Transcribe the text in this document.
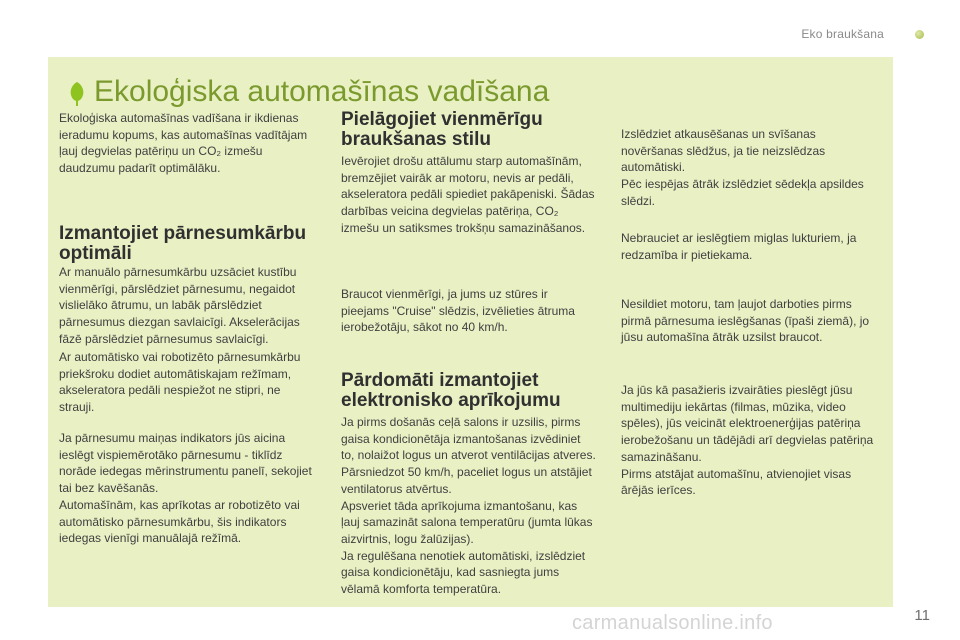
Eko braukšana
Ekoloģiska automašīnas vadīšana

Ekoloģiska automašīnas vadīšana ir ikdienas
ieradumu kopums, kas automašīnas vadītājam
ļauj degvielas patēriņu un CO₂ izmešu
daudzumu padarīt optimālāku.

Izmantojiet pārnesumkārbu
optimāli

Ar manuālo pārnesumkārbu uzsāciet kustību
vienmērīgi, pārslēdziet pārnesumu, negaidot
vislielāko ātrumu, un labāk pārslēdziet
pārnesumus diezgan savlaicīgi. Akselerācijas
fāzē pārslēdziet pārnesumus savlaicīgi.

Ar automātisko vai robotizēto pārnesumkārbu
priekšroku dodiet automātiskajam režīmam,
akseleratora pedāli nespiežot ne stipri, ne
strauji.

Ja pārnesumu maiņas indikators jūs aicina
ieslēgt vispiemērotāko pārnesumu - tiklīdz
norāde iedegas mērinstrumentu panelī, sekojiet
tai bez kavēšanās.
Automašīnām, kas aprīkotas ar robotizēto vai
automātisko pārnesumkārbu, šis indikators
iedegas vienīgi manuālajā režīmā.

Pielāgojiet vienmērīgu
braukšanas stilu

Ievērojiet drošu attālumu starp automašīnām,
bremzējiet vairāk ar motoru, nevis ar pedāli,
akseleratora pedāli spiediet pakāpeniski. Šādas
darbības veicina degvielas patēriņa, CO₂
izmešu un satiksmes trokšņu samazināšanos.

Braucot vienmērīgi, ja jums uz stūres ir
pieejams "Cruise" slēdzis, izvēlieties ātruma
ierobežotāju, sākot no 40 km/h.

Pārdomāti izmantojiet
elektronisko aprīkojumu

Ja pirms došanās ceļā salons ir uzsilis, pirms
gaisa kondicionētāja izmantošanas izvēdiniet
to, nolaižot logus un atverot ventilācijas atveres.
Pārsniedzot 50 km/h, paceliet logus un atstājiet
ventilatorus atvērtus.
Apsveriet tāda aprīkojuma izmantošanu, kas
ļauj samazināt salona temperatūru (jumta lūkas
aizvirtnis, logu žalūzijas).
Ja regulēšana nenotiek automātiski, izslēdziet
gaisa kondicionētāju, kad sasniegta jums
vēlamā komforta temperatūra.

Izslēdziet atkausēšanas un svīšanas
novēršanas slēdžus, ja tie neizslēdzas
automātiski.
Pēc iespējas ātrāk izslēdziet sēdekļa apsildes
slēdzi.

Nebrauciet ar ieslēgtiem miglas lukturiem, ja
redzamība ir pietiekama.

Nesildiet motoru, tam ļaujot darboties pirms
pirmā pārnesuma ieslēgšanas (īpaši ziemā), jo
jūsu automašīna ātrāk uzsilst braucot.

Ja jūs kā pasažieris izvairāties pieslēgt jūsu
multimediju iekārtas (filmas, mūzika, video
spēles), jūs veicināt elektroenerģijas patēriņa
ierobežošanu un tādējādi arī degvielas patēriņa
samazināšanu.
Pirms atstājat automašīnu, atvienojiet visas
ārējās ierīces.

11
carmanualsonline.info
